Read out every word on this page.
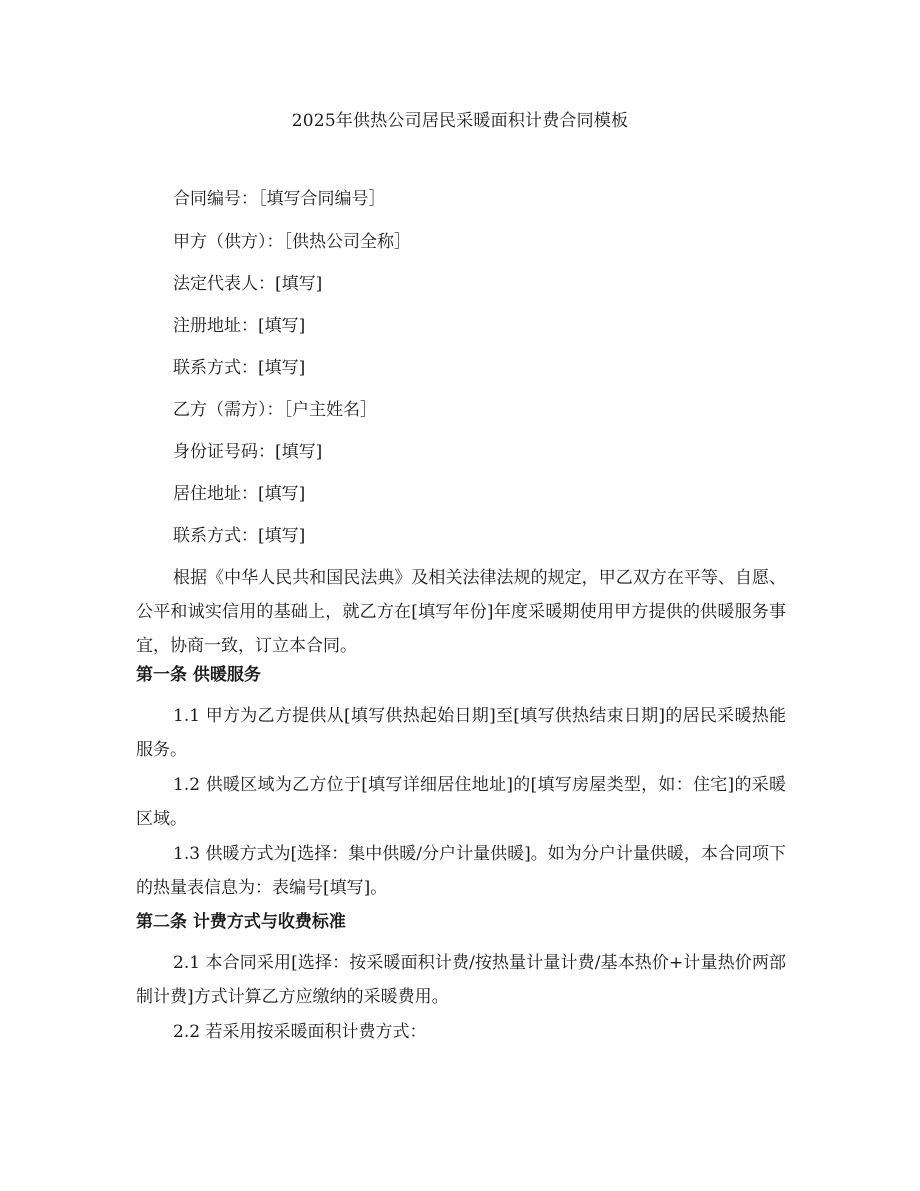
2025年供热公司居民采暖面积计费合同模板
合同编号：［填写合同编号］
甲方（供方）：［供热公司全称］
法定代表人：[填写]
注册地址：[填写]
联系方式：[填写]
乙方（需方）：［户主姓名］
身份证号码：[填写]
居住地址：[填写]
联系方式：[填写]
根据《中华人民共和国民法典》及相关法律法规的规定，甲乙双方在平等、自愿、公平和诚实信用的基础上，就乙方在[填写年份]年度采暖期使用甲方提供的供暖服务事宜，协商一致，订立本合同。
第一条 供暖服务
1.1 甲方为乙方提供从[填写供热起始日期]至[填写供热结束日期]的居民采暖热能服务。
1.2 供暖区域为乙方位于[填写详细居住地址]的[填写房屋类型，如：住宅]的采暖区域。
1.3 供暖方式为[选择：集中供暖/分户计量供暖]。如为分户计量供暖，本合同项下的热量表信息为：表编号[填写]。
第二条 计费方式与收费标准
2.1 本合同采用[选择：按采暖面积计费/按热量计量计费/基本热价+计量热价两部制计费]方式计算乙方应缴纳的采暖费用。
2.2 若采用按采暖面积计费方式：
